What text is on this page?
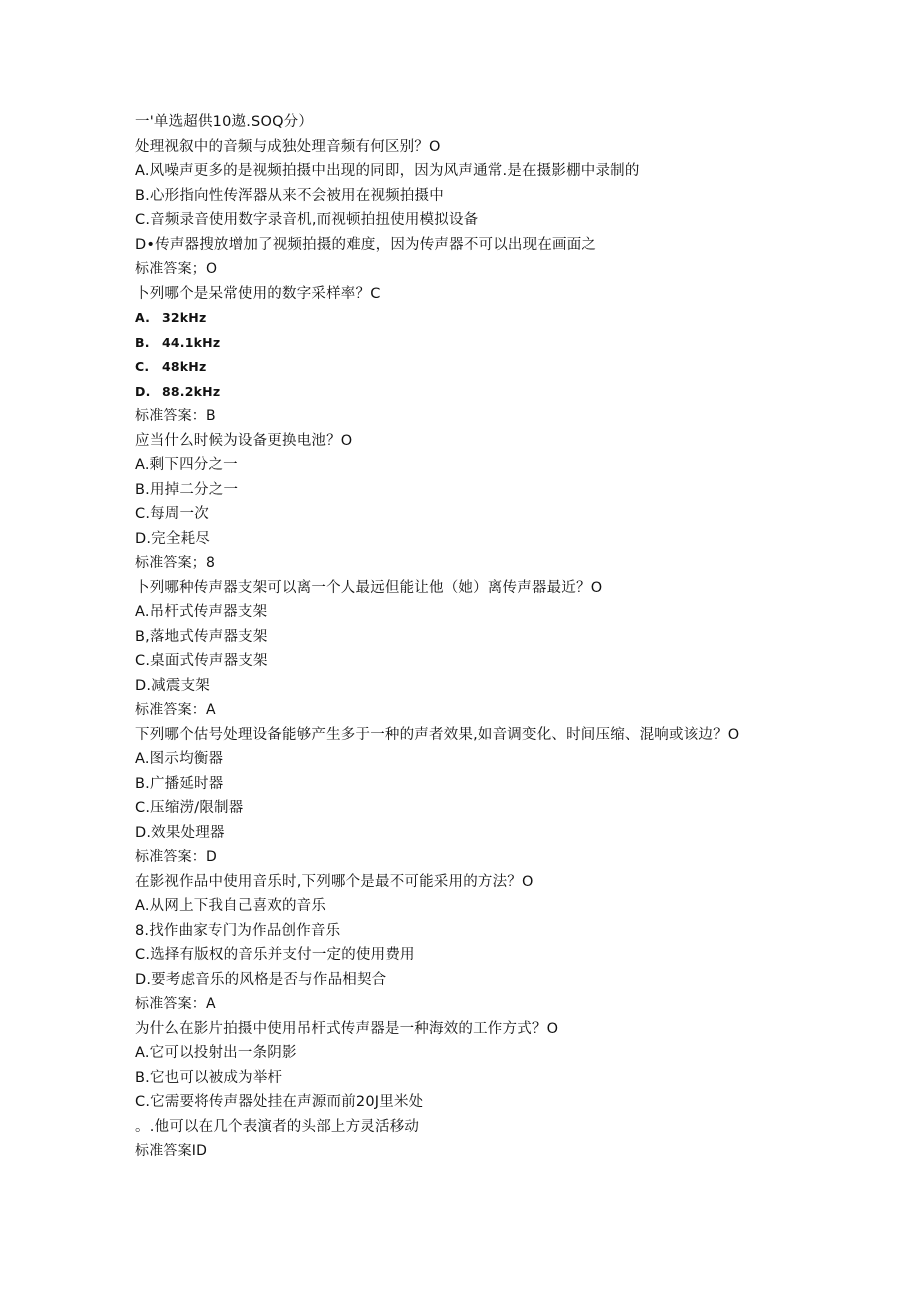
一'单选超供10遨.SOQ分）
处理视叙中的音频与成独处理音频有何区别？O
A.风噪声更多的是视频拍摄中出现的同即，因为风声通常.是在摄影棚中录制的
B.心形指向性传浑器从来不会被用在视频拍摄中
C.音频录音使用数字录音机,而视顿拍扭使用模拟设备
D•传声器搜放增加了视频拍摄的难度，因为传声器不可以出现在画面之
标准答案；O
卜列哪个是呆常使用的数字采样率？C
A. 32kHz
B. 44.1kHz
C. 48kHz
D. 88.2kHz
标准答案：B
应当什么时候为设备更换电池？O
A.剩下四分之一
B.用掉二分之一
C.每周一次
D.完全耗尽
标准答案；8
卜列哪种传声器支架可以离一个人最远但能让他（她）离传声器最近？O
A.吊杆式传声器支架
B,落地式传声器支架
C.桌面式传声器支架
D.减震支架
标准答案：A
下列哪个估号处理设备能够产生多于一种的声者效果,如音调变化、时间压缩、混响或该边？O
A.图示均衡器
B.广播延时器
C.压缩涝/限制器
D.效果处理器
标准答案：D
在影视作品中使用音乐时,下列哪个是最不可能采用的方法？O
A.从网上下我自己喜欢的音乐
8.找作曲家专门为作品创作音乐
C.选择有版权的音乐并支付一定的使用费用
D.要考虑音乐的风格是否与作品相契合
标准答案：A
为什么在影片拍摄中使用吊杆式传声器是一种海效的工作方式？O
A.它可以投射出一条阴影
B.它也可以被成为举杆
C.它需要将传声器处挂在声源而前20J里米处
。.他可以在几个表演者的头部上方灵活移动
标准答案ID
